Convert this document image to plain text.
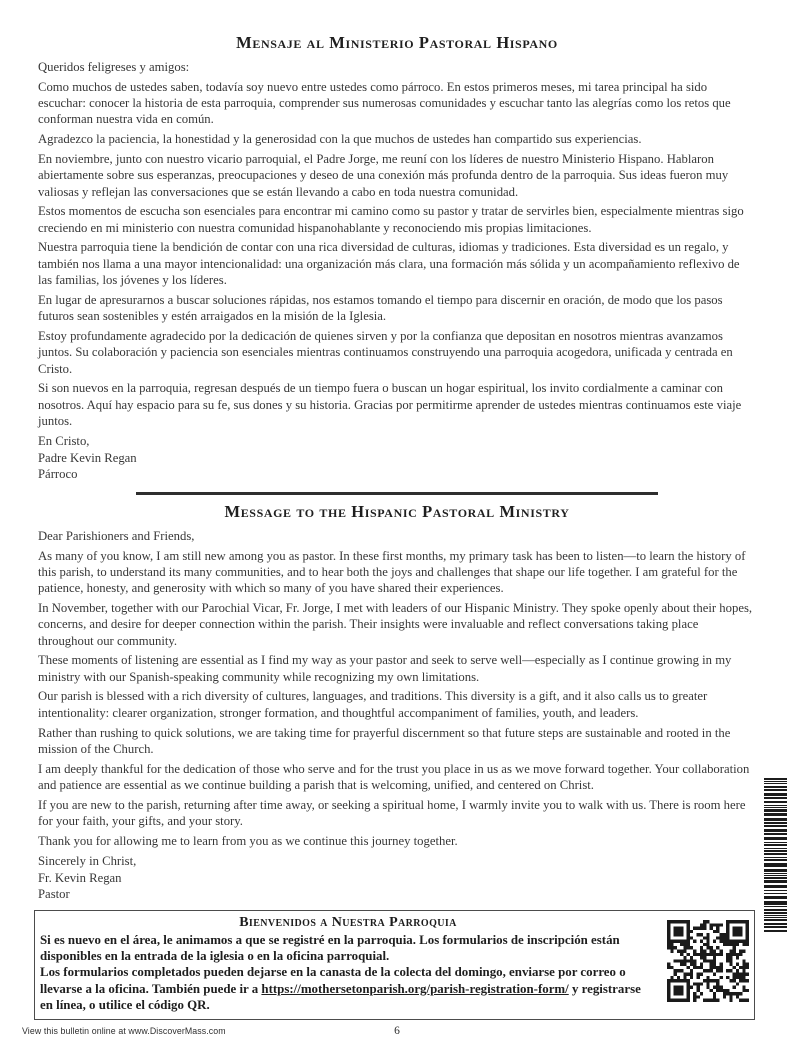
Mensaje al Ministerio Pastoral Hispano

Queridos feligreses y amigos:

Como muchos de ustedes saben, todavía soy nuevo entre ustedes como párroco. En estos primeros meses, mi tarea principal ha sido escuchar: conocer la historia de esta parroquia, comprender sus numerosas comunidades y escuchar tanto las alegrías como los retos que conforman nuestra vida en común.

Agradezco la paciencia, la honestidad y la generosidad con la que muchos de ustedes han compartido sus experiencias.

En noviembre, junto con nuestro vicario parroquial, el Padre Jorge, me reuní con los líderes de nuestro Ministerio Hispano. Hablaron abiertamente sobre sus esperanzas, preocupaciones y deseo de una conexión más profunda dentro de la parroquia. Sus ideas fueron muy valiosas y reflejan las conversaciones que se están llevando a cabo en toda nuestra comunidad.

Estos momentos de escucha son esenciales para encontrar mi camino como su pastor y tratar de servirles bien, especialmente mientras sigo creciendo en mi ministerio con nuestra comunidad hispanohablante y reconociendo mis propias limitaciones.

Nuestra parroquia tiene la bendición de contar con una rica diversidad de culturas, idiomas y tradiciones. Esta diversidad es un regalo, y también nos llama a una mayor intencionalidad: una organización más clara, una formación más sólida y un acompañamiento reflexivo de las familias, los jóvenes y los líderes.

En lugar de apresurarnos a buscar soluciones rápidas, nos estamos tomando el tiempo para discernir en oración, de modo que los pasos futuros sean sostenibles y estén arraigados en la misión de la Iglesia.

Estoy profundamente agradecido por la dedicación de quienes sirven y por la confianza que depositan en nosotros mientras avanzamos juntos. Su colaboración y paciencia son esenciales mientras continuamos construyendo una parroquia acogedora, unificada y centrada en Cristo.

Si son nuevos en la parroquia, regresan después de un tiempo fuera o buscan un hogar espiritual, los invito cordialmente a caminar con nosotros. Aquí hay espacio para su fe, sus dones y su historia. Gracias por permitirme aprender de ustedes mientras continuamos este viaje juntos.

En Cristo,
Padre Kevin Regan
Párroco
Message to the Hispanic Pastoral Ministry

Dear Parishioners and Friends,

As many of you know, I am still new among you as pastor. In these first months, my primary task has been to listen—to learn the history of this parish, to understand its many communities, and to hear both the joys and challenges that shape our life together. I am grateful for the patience, honesty, and generosity with which so many of you have shared their experiences.

In November, together with our Parochial Vicar, Fr. Jorge, I met with leaders of our Hispanic Ministry. They spoke openly about their hopes, concerns, and desire for deeper connection within the parish. Their insights were invaluable and reflect conversations taking place throughout our community.

These moments of listening are essential as I find my way as your pastor and seek to serve well—especially as I continue growing in my ministry with our Spanish-speaking community while recognizing my own limitations.

Our parish is blessed with a rich diversity of cultures, languages, and traditions. This diversity is a gift, and it also calls us to greater intentionality: clearer organization, stronger formation, and thoughtful accompaniment of families, youth, and leaders.

Rather than rushing to quick solutions, we are taking time for prayerful discernment so that future steps are sustainable and rooted in the mission of the Church.

I am deeply thankful for the dedication of those who serve and for the trust you place in us as we move forward together. Your collaboration and patience are essential as we continue building a parish that is welcoming, unified, and centered on Christ.

If you are new to the parish, returning after time away, or seeking a spiritual home, I warmly invite you to walk with us. There is room here for your faith, your gifts, and your story.

Thank you for allowing me to learn from you as we continue this journey together.

Sincerely in Christ,
Fr. Kevin Regan
Pastor
Bienvenidos a Nuestra Parroquia

Si es nuevo en el área, le animamos a que se registré en la parroquia. Los formularios de inscripción están disponibles en la entrada de la iglesia o en la oficina parroquial.

Los formularios completados pueden dejarse en la canasta de la colecta del domingo, enviarse por correo o llevarse a la oficina. También puede ir a https://mothersetonparish.org/parish-registration-form/ y registrarse en línea, o utilice el código QR.

View this bulletin online at www.DiscoverMass.com	6
